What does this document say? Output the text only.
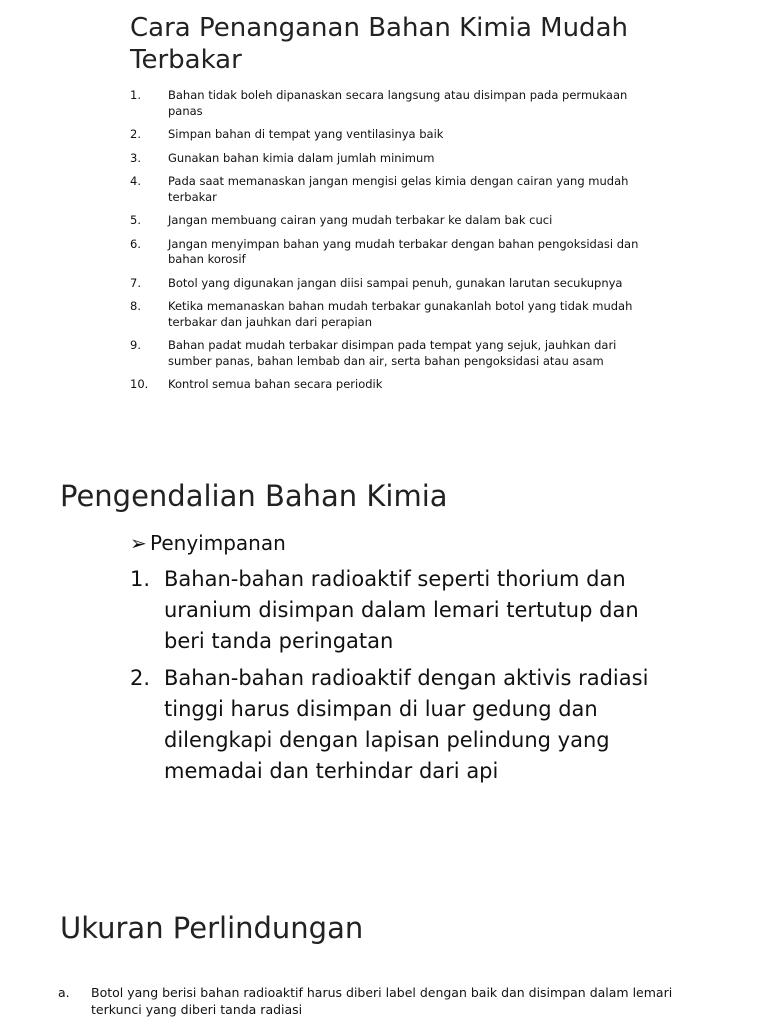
Cara Penanganan Bahan Kimia Mudah Terbakar
1.	Bahan tidak boleh dipanaskan secara langsung atau disimpan pada permukaan panas
2.	Simpan bahan di tempat yang ventilasinya baik
3.	Gunakan bahan kimia dalam jumlah minimum
4.	Pada saat memanaskan jangan mengisi gelas kimia dengan cairan yang mudah terbakar
5.	Jangan membuang cairan yang mudah terbakar ke dalam bak cuci
6.	Jangan menyimpan bahan yang mudah terbakar dengan bahan pengoksidasi dan bahan korosif
7.	Botol yang digunakan jangan diisi sampai penuh, gunakan larutan secukupnya
8.	Ketika memanaskan bahan mudah terbakar gunakanlah botol yang tidak mudah terbakar dan jauhkan dari perapian
9.	Bahan padat mudah terbakar disimpan pada tempat yang sejuk, jauhkan dari sumber panas, bahan lembab dan air, serta bahan pengoksidasi atau asam
10.	Kontrol semua bahan secara periodik
Pengendalian Bahan Kimia
➢ Penyimpanan
1. Bahan-bahan radioaktif seperti thorium dan uranium disimpan dalam lemari tertutup dan beri tanda peringatan
2. Bahan-bahan radioaktif dengan aktivis radiasi tinggi harus disimpan di luar gedung dan dilengkapi dengan lapisan pelindung yang memadai dan terhindar dari api
Ukuran Perlindungan
a.	Botol yang berisi bahan radioaktif harus diberi label dengan baik dan disimpan dalam lemari terkunci yang diberi tanda radiasi
